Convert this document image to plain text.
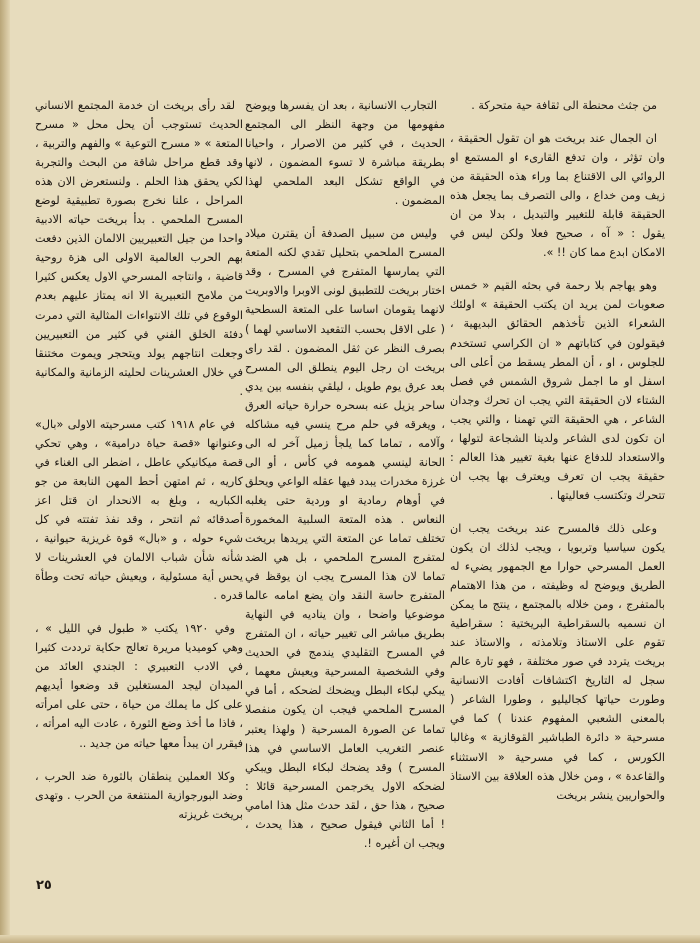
من جثث محنطة الى ثقافة حية متحركة .

ان الجمال عند بريخت هو ان تقول الحقيقة ، وان تؤثر ، وان تدفع القارىء او المستمع او الروائي الى الاقتناع بما وراء هذه الحقيقة من زيف ومن خداع ، والى التصرف بما يجعل هذه الحقيقة قابلة للتغيير والتبديل ، بدلا من ان يقول : « آه ، صحيح فعلا ولكن ليس في الامكان ابدع مما كان !! ».

وهو يهاجم بلا رحمة في بحثه القيم « خمس صعوبات لمن يريد ان يكتب الحقيقة » اولئك الشعراء الذين تأخذهم الحقائق البديهية ، فيقولون في كتاباتهم « ان الكراسي تستخدم للجلوس ، او ، أن المطر يسقط من أعلى الى اسفل او ما اجمل شروق الشمس في فصل الشتاء لان الحقيقة التي يجب ان تحرك وجدان الشاعر ، هي الحقيقة التي تهمنا ، والتي يجب ان تكون لدى الشاعر ولدينا الشجاعة لتولها ، والاستعداد للدفاع عنها بغية تغيير هذا العالم : حقيقة يجب ان تعرف ويعترف بها يجب ان تتحرك وتكتسب فعاليتها .

وعلى ذلك فالمسرح عند بريخت يجب ان يكون سياسيا وتربويا ، ويجب لذلك ان يكون العمل المسرحي حوارا مع الجمهور يضيء له الطريق ويوضح له وظيفته ، من هذا الاهتمام بالمتفرج ، ومن خلاله بالمجتمع ، ينتج ما يمكن ان نسميه بالسقراطية البريختية : سقراطية تقوم على الاستاذ وتلامذته ، والاستاذ عند بريخت يتردد في صور مختلفة ، فهو تارة عالم سجل له التاريخ اكتشافات أفادت الانسانية وطورت حياتها كجاليليو ، وطورا الشاعر ( بالمعنى الشعبي المفهوم عندنا ) كما في مسرحية « دائرة الطباشير القوقازية » وغالبا الكورس ، كما في مسرحية « الاستثناء والقاعدة » ، ومن خلال هذه العلاقة بين الاستاذ والحواريين ينشر بريخت

التجارب الانسانية ، بعد ان يفسرها ويوضح مفهومها من وجهة النظر الى المجتمع الحديث ، في كثير من الاصرار ، واحيانا بطريقة مباشرة لا تسوء المضمون ، لانها في الواقع تشكل البعد الملحمي لهذا المضمون .

وليس من سبيل الصدفة أن يقترن ميلاد المسرح الملحمي بتحليل تقدي لكنه المتعة التي يمارسها المتفرج في المسرح ، وقد اختار بريخت للتطبيق لونى الاوبرا والاوبريت لانهما يقومان اساسا على المتعة السطحية ( على الاقل بحسب التقعيد الاساسي لهما ) بصرف النظر عن ثقل المضمون . لقد راى بريخت ان رجل اليوم ينطلق الى المسرح بعد عرق يوم طويل ، ليلقي بنفسه بين يدي ساحر يزيل عنه بسحره حرارة حياته العرق ، ويغرقه في حلم مرح ينسي فيه مشاكله وآلامه ، تماما كما يلجأ زميل آخر له الى الحانة لينسي همومه في كأس ، أو الى غرزة مخدرات يبدد فيها عقله الواعي ويحلق في أوهام رمادية او وردية حتى يغلبه النعاس . هذه المتعة السلبية المخمورة تختلف تماما عن المتعة التي يريدها بريخت لمتفرج المسرح الملحمي ، بل هي الضد تماما لان هذا المسرح يجب ان يوقظ في المتفرج حاسة النقد وان يضع امامه عالما موضوعيا واضحا ، وان يناديه في النهاية بطريق مباشر الى تغيير حياته ، ان المتفرج في المسرح التقليدي يندمج في الحديث وفي الشخصية المسرحية ويعيش معهما ، يبكي لبكاء البطل ويضحك لضحكه ، أما في المسرح الملحمي فيجب ان يكون منفصلا تماما عن الصورة المسرحية ( ولهذا يعتبر عنصر التغريب العامل الاساسي في هذا المسرح ) وقد يضحك لبكاء البطل ويبكي لضحكه الاول يخرجمن المسرحية قائلا : صحيح ، هذا حق ، لقد حدث مثل هذا امامي ! أما الثاني فيقول صحيح ، هذا يحدث ، ويجب ان أغيره !.

لقد رأى بريخت ان خدمة المجتمع الانساني الحديث تستوجب أن يحل محل « مسرح المتعة » « مسرح التوعية » والفهم والتربية ، وقد قطع مراحل شاقة من البحث والتجربة لكي يحقق هذا الحلم . ولنستعرض الان هذه المراحل ، علنا نخرج بصورة تطبيقية لوضع المسرح الملحمي . بدأ بريخت حياته الادبية واحدا من جيل التعبيريين الالمان الذين دفعت بهم الحرب العالمية الاولى الى هزة روحية قاضية ، وانتاجه المسرحي الاول يعكس كثيرا من ملامح التعبيرية الا انه يمتاز عليهم بعدم الوقوع في تلك الانتواءات المثالية التي دمرت دفئة الخلق الفني في كثير من التعبيريين وجعلت انتاجهم يولد ويتحجر ويموت مختنقا في خلال العشرينات لحليته الزمانية والمكانية .

في عام ١٩١٨ كتب مسرحيته الاولى «بال» وعنوانها «قصة حياة درامية» ، وهي تحكي قصة ميكانيكي عاطل ، اضطر الى الغناء في كاريه ، ثم امتهن أحط المهن النابعة من جو الكباريه ، وبلغ به الانحدار ان قتل اعز أصدقائه ثم انتحر ، وقد نفذ تفتته في كل شيء حوله ، و «بال» قوة غريزية حيوانية ، شأنه شأن شباب الالمان في العشرينات لا يحس أية مسئولية ، ويعيش حياته تحت وطأة قدره .

وفي ١٩٢٠ يكتب « طبول في الليل » ، وهي كوميديا مريرة تعالج حكاية ترددت كثيرا في الادب التعبيري : الجندي العائد من الميدان ليجد المستغلين قد وضعوا أيديهم على كل ما يملك من حياة ، حتى على امرأته ، فاذا ما أخذ وضع الثورة ، عادت اليه امرأته ، فيقرر ان يبدأ معها حياته من جديد ..

وكلا العملين ينطقان بالثورة ضد الحرب ، وضد البورجوازية المنتفعة من الحرب . وتهدى بريخت غريزته

٢٥
